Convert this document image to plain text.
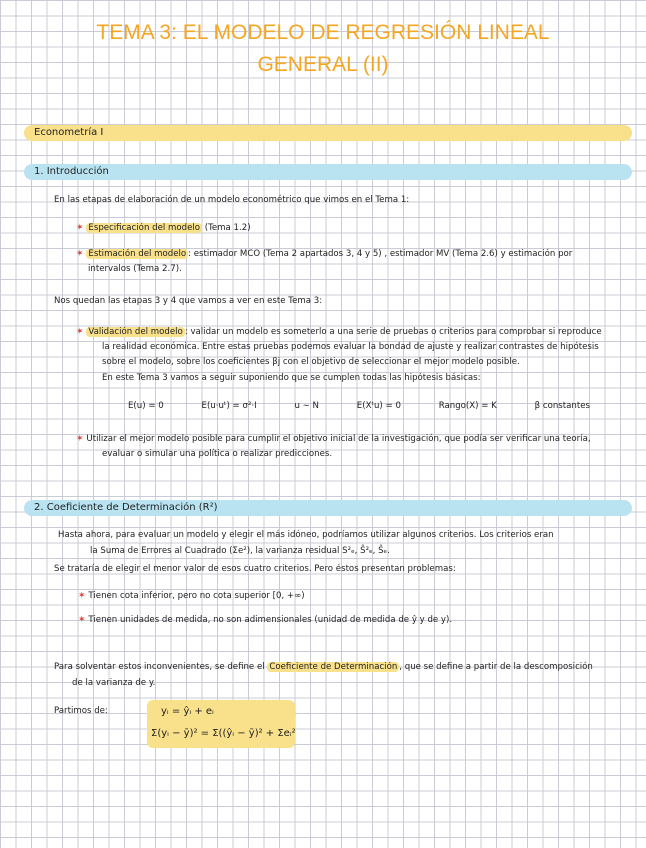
TEMA 3: EL MODELO DE REGRESIÓN LINEAL
GENERAL (II)
Econometría I
1. Introducción
En las etapas de elaboración de un modelo econométrico que vimos en el Tema 1:
✶ Especificación del modelo (Tema 1.2)
✶ Estimación del modelo : estimador MCO (Tema 2 apartados 3, 4 y 5) , estimador MV (Tema 2.6) y estimación por
intervalos (Tema 2.7).
Nos quedan las etapas 3 y 4 que vamos a ver en este Tema 3:
✶ Validación del modelo : validar un modelo es someterlo a una serie de pruebas o criterios para comprobar si reproduce
la realidad económica. Entre estas pruebas podemos evaluar la bondad de ajuste y realizar contrastes de hipótesis
sobre el modelo, sobre los coeficientes βj con el objetivo de seleccionar el mejor modelo posible.
En este Tema 3 vamos a seguir suponiendo que se cumplen todas las hipótesis básicas:
E(u) = 0	E(u·uᵗ) = σ²·I	u ∼ N	E(Xᵗu) = 0	Rango(X) = K	β constantes
✶ Utilizar el mejor modelo posible para cumplir el objetivo inicial de la investigación, que podía ser verificar una teoría,
evaluar o simular una política o realizar predicciones.
2. Coeficiente de Determinación (R²)
Hasta ahora, para evaluar un modelo y elegir el más idóneo, podríamos utilizar algunos criterios. Los criterios eran
la Suma de Errores al Cuadrado (Σe²), la varianza residual S²ₑ, Ŝ²ₑ, Ŝₑ.
Se trataría de elegir el menor valor de esos cuatro criterios. Pero éstos presentan problemas:
✶ Tienen cota inferior, pero no cota superior [0, +∞)
✶ Tienen unidades de medida, no son adimensionales (unidad de medida de ŷ y de y).
Para solventar estos inconvenientes, se define el Coeficiente de Determinación , que se define a partir de la descomposición
de la varianza de y.
Partimos de:	yᵢ = ŷᵢ + eᵢ
Σ(yᵢ − ȳ)² = Σ((ŷᵢ − ȳ)² + Σeᵢ²
